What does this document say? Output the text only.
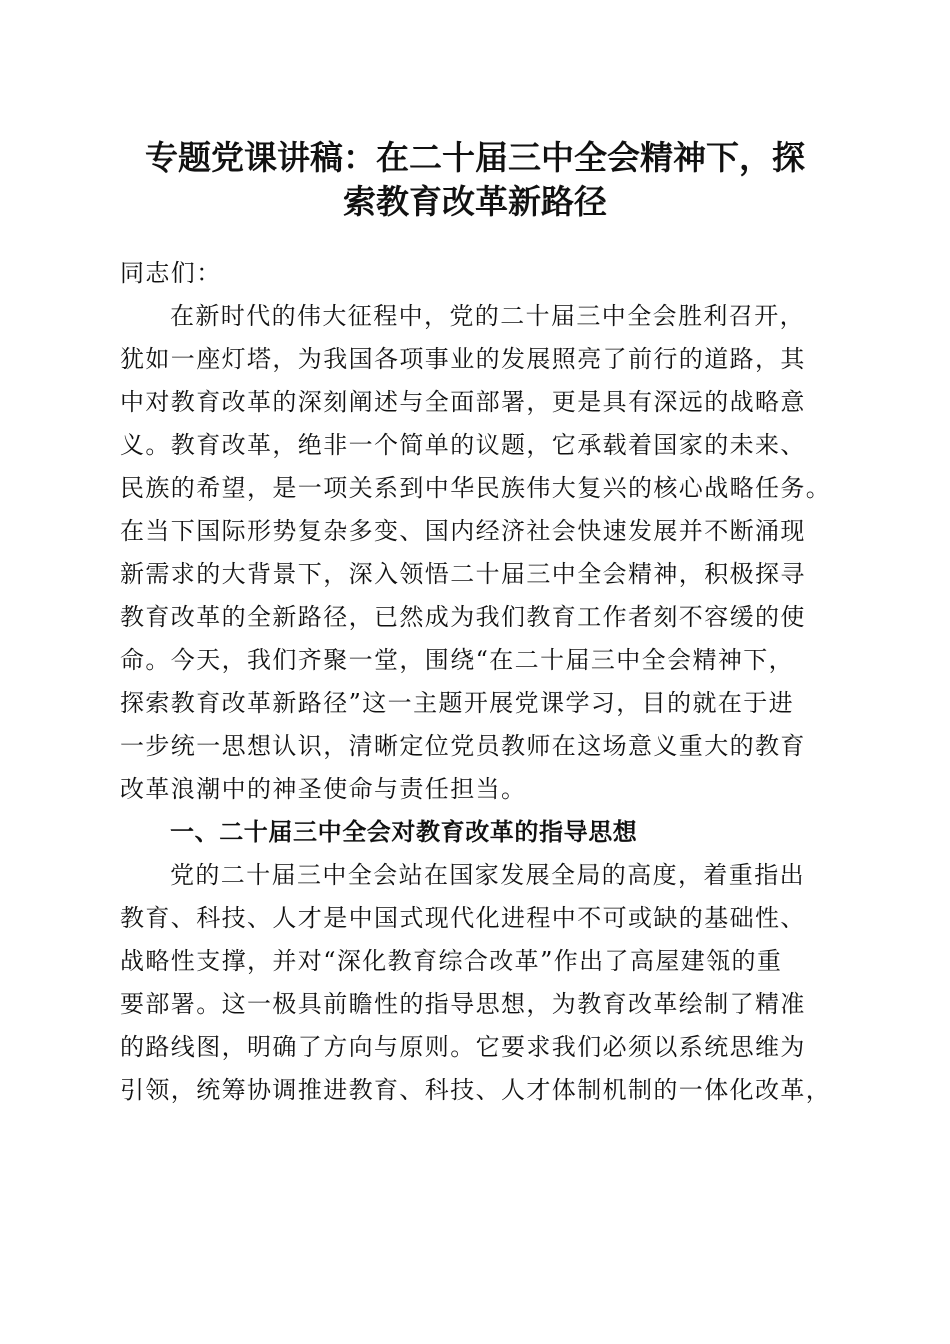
专题党课讲稿：在二十届三中全会精神下，探
索教育改革新路径
同志们：
在新时代的伟大征程中，党的二十届三中全会胜利召开，
犹如一座灯塔，为我国各项事业的发展照亮了前行的道路，其
中对教育改革的深刻阐述与全面部署，更是具有深远的战略意
义。教育改革，绝非一个简单的议题，它承载着国家的未来、
民族的希望，是一项关系到中华民族伟大复兴的核心战略任务。
在当下国际形势复杂多变、国内经济社会快速发展并不断涌现
新需求的大背景下，深入领悟二十届三中全会精神，积极探寻
教育改革的全新路径，已然成为我们教育工作者刻不容缓的使
命。今天，我们齐聚一堂，围绕“在二十届三中全会精神下，
探索教育改革新路径”这一主题开展党课学习，目的就在于进
一步统一思想认识，清晰定位党员教师在这场意义重大的教育
改革浪潮中的神圣使命与责任担当。
一、二十届三中全会对教育改革的指导思想
党的二十届三中全会站在国家发展全局的高度，着重指出
教育、科技、人才是中国式现代化进程中不可或缺的基础性、
战略性支撑，并对“深化教育综合改革”作出了高屋建瓴的重
要部署。这一极具前瞻性的指导思想，为教育改革绘制了精准
的路线图，明确了方向与原则。它要求我们必须以系统思维为
引领，统筹协调推进教育、科技、人才体制机制的一体化改革，
